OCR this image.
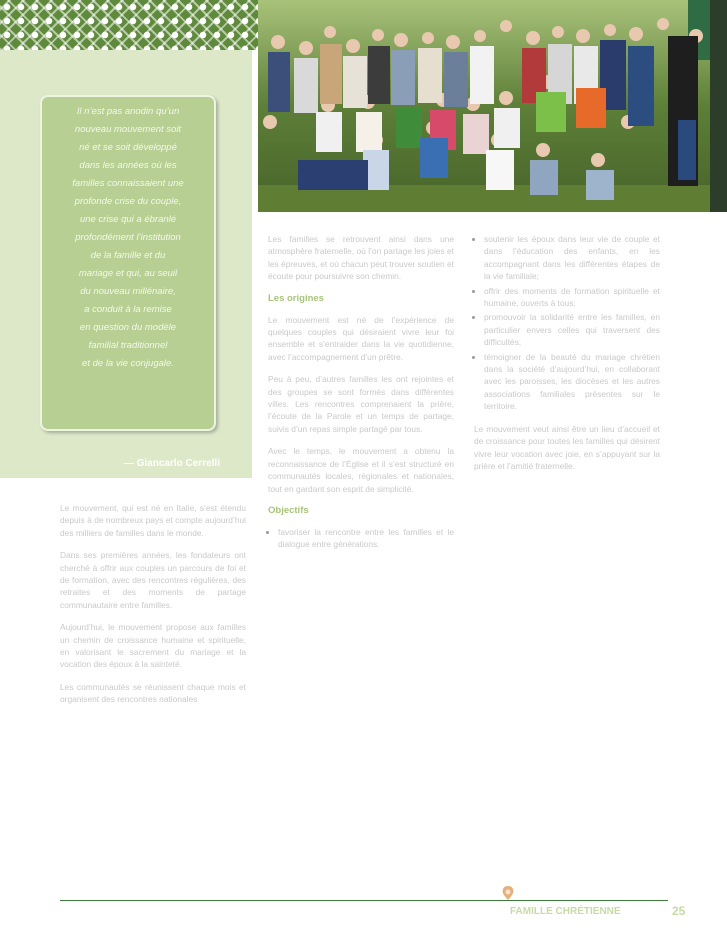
Il n’est pas anodin qu’un

nouveau mouvement soit

né et se soit développé

dans les années où les

familles connaissaient une

profonde crise du couple,

une crise qui a ébranlé

profondément l’institution

de la famille et du

mariage et qui, au seuil

du nouveau millénaire,

a conduit à la remise

en question du modèle

familial traditionnel

et de la vie conjugale.

— Giancarlo Cerrelli

Le mouvement, qui est né en Italie, s’est étendu depuis à de nombreux pays et compte aujourd’hui des milliers de familles dans le monde.

Dans ses premières années, les fondateurs ont cherché à offrir aux couples un parcours de foi et de formation, avec des rencontres régulières, des retraites et des moments de partage communautaire entre familles.

Aujourd’hui, le mouvement propose aux familles un chemin de croissance humaine et spirituelle, en valorisant le sacrement du mariage et la vocation des époux à la sainteté.

Les communautés se réunissent chaque mois et organisent des rencontres nationales

Les familles se retrouvent ainsi dans une atmosphère fraternelle, où l’on partage les joies et les épreuves, et où chacun peut trouver soutien et écoute pour poursuivre son chemin.

Les origines

Le mouvement est né de l’expérience de quelques couples qui désiraient vivre leur foi ensemble et s’entraider dans la vie quotidienne, avec l’accompagnement d’un prêtre.

Peu à peu, d’autres familles les ont rejointes et des groupes se sont formés dans différentes villes. Les rencontres comprenaient la prière, l’écoute de la Parole et un temps de partage, suivis d’un repas simple partagé par tous.

Avec le temps, le mouvement a obtenu la reconnaissance de l’Église et il s’est structuré en communautés locales, régionales et nationales, tout en gardant son esprit de simplicité.

Objectifs
• favoriser la rencontre entre les familles et le dialogue entre générations.
• soutenir les époux dans leur vie de couple et dans l’éducation des enfants, en les accompagnant dans les différentes étapes de la vie familiale;
• offrir des moments de formation spirituelle et humaine, ouverts à tous;
• promouvoir la solidarité entre les familles, en particulier envers celles qui traversent des difficultés;
• témoigner de la beauté du mariage chrétien dans la société d’aujourd’hui, en collaborant avec les paroisses, les diocèses et les autres associations familiales présentes sur le territoire.

Le mouvement veut ainsi être un lieu d’accueil et de croissance pour toutes les familles qui désirent vivre leur vocation avec joie, en s’appuyant sur la prière et l’amitié fraternelle.

FAMILLE CHRÉTIENNE	25
